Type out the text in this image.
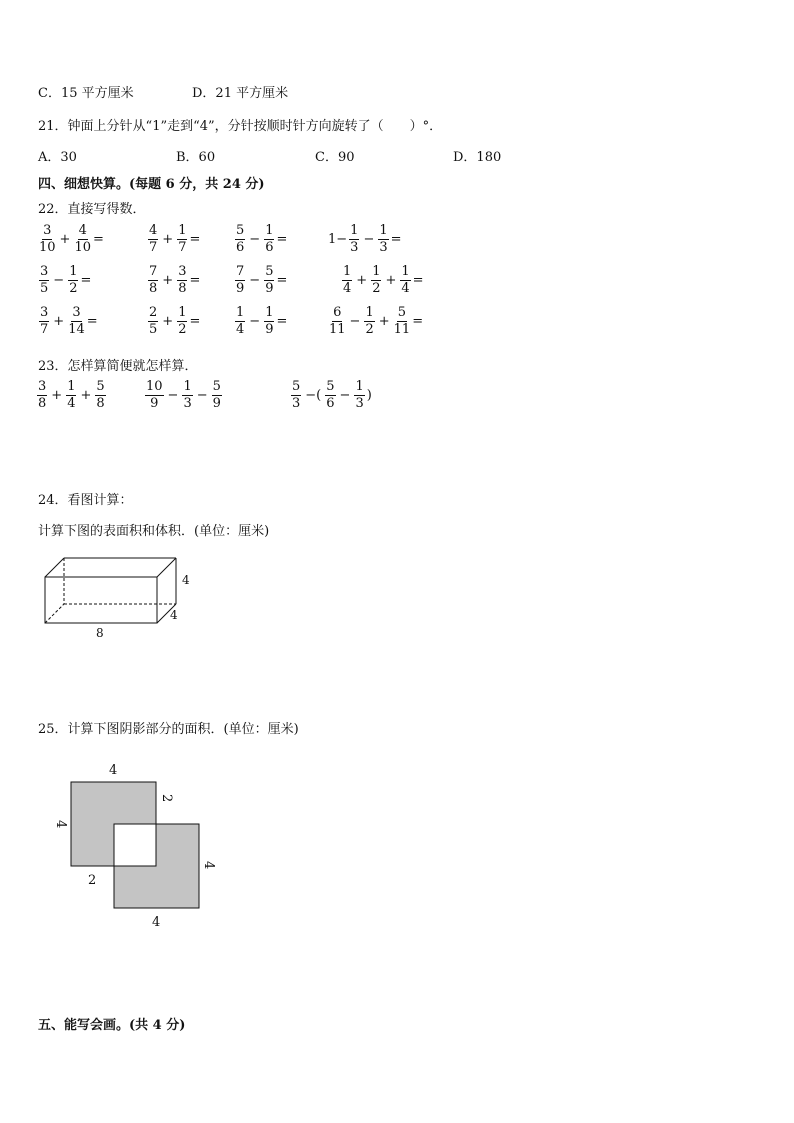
C．15 平方厘米	D．21 平方厘米
21．钟面上分针从“1”走到“4”，分针按顺时针方向旋转了（　　）°．
A．30	B．60	C．90	D．180
四、细想快算。(每题 6 分，共 24 分)
22．直接写得数．
$\frac{3}{10} + \frac{4}{10}$ =	$\frac{4}{7} + \frac{1}{7}$ =	$\frac{5}{6} - \frac{1}{6}$ =	$1- \frac{1}{3} - \frac{1}{3}$ =
$\frac{3}{5} - \frac{1}{2}$ =	$\frac{7}{8} + \frac{3}{8}$ =	$\frac{7}{9} - \frac{5}{9}$ =	$\frac{1}{4} + \frac{1}{2} + \frac{1}{4}$ =
$\frac{3}{7} + \frac{3}{14}$ =	$\frac{2}{5} + \frac{1}{2}$ =	$\frac{1}{4} - \frac{1}{9}$ =	$\frac{6}{11} - \frac{1}{2} + \frac{5}{11}$ =
23．怎样算简便就怎样算．
$\frac{3}{8} + \frac{1}{4} + \frac{5}{8}$	$\frac{10}{9} - \frac{1}{3} - \frac{5}{9}$	$\frac{5}{3}$ −( $\frac{5}{6} - \frac{1}{3}$ )
24．看图计算：
计算下图的表面积和体积．(单位：厘米)
4
4
8
25．计算下图阴影部分的面积．(单位：厘米)
4
4
2
2
4
4
五、能写会画。(共 4 分)
